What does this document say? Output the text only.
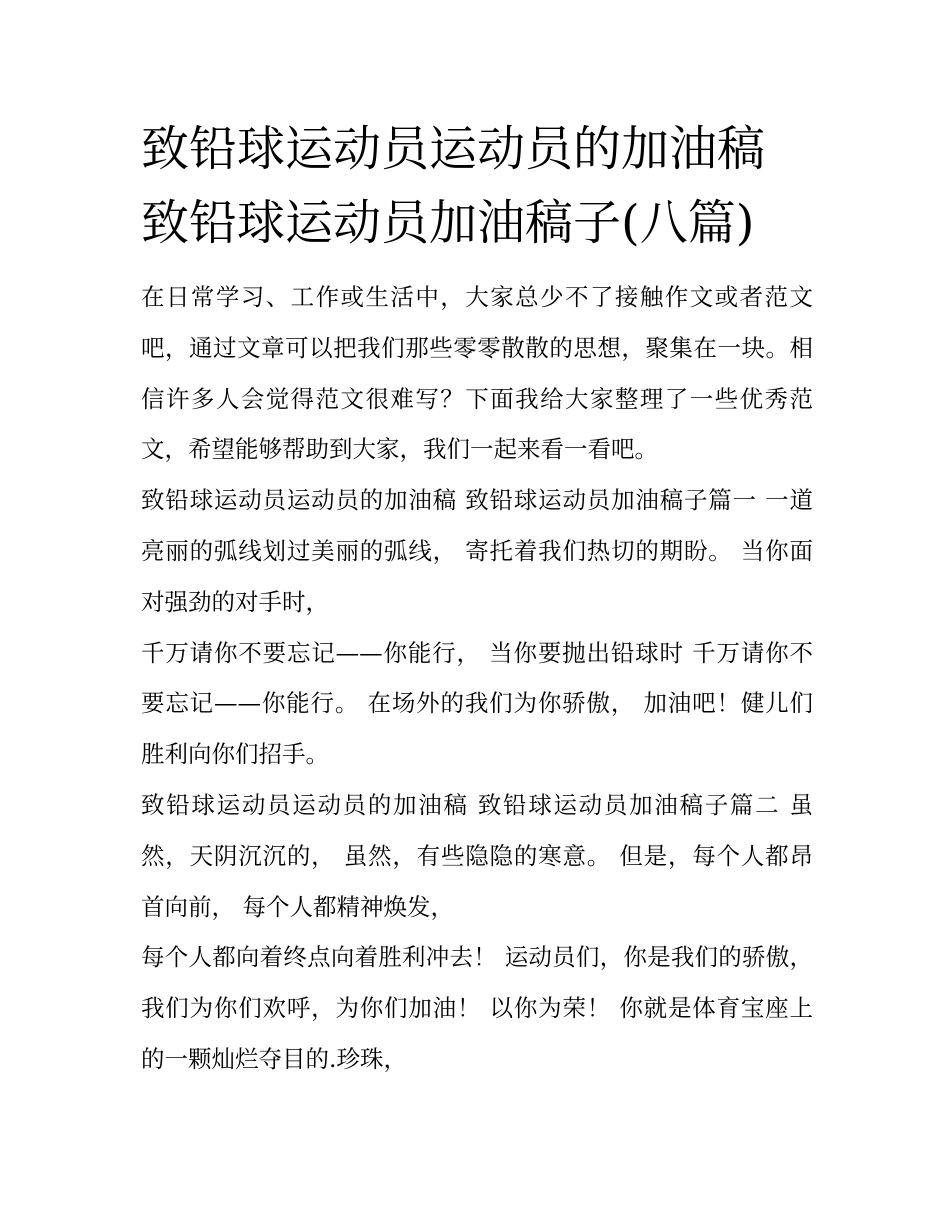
致铅球运动员运动员的加油稿
致铅球运动员加油稿子(八篇)

在日常学习、工作或生活中，大家总少不了接触作文或者范文吧，通过文章可以把我们那些零零散散的思想，聚集在一块。相信许多人会觉得范文很难写？下面我给大家整理了一些优秀范文，希望能够帮助到大家，我们一起来看一看吧。

致铅球运动员运动员的加油稿 致铅球运动员加油稿子篇一 一道亮丽的弧线划过美丽的弧线， 寄托着我们热切的期盼。 当你面对强劲的对手时，

千万请你不要忘记——你能行， 当你要抛出铅球时 千万请你不要忘记——你能行。 在场外的我们为你骄傲， 加油吧！健儿们胜利向你们招手。

致铅球运动员运动员的加油稿 致铅球运动员加油稿子篇二 虽然，天阴沉沉的， 虽然，有些隐隐的寒意。 但是，每个人都昂首向前， 每个人都精神焕发，

每个人都向着终点向着胜利冲去！ 运动员们，你是我们的骄傲， 我们为你们欢呼，为你们加油！ 以你为荣！ 你就是体育宝座上的一颗灿烂夺目的.珍珠，
